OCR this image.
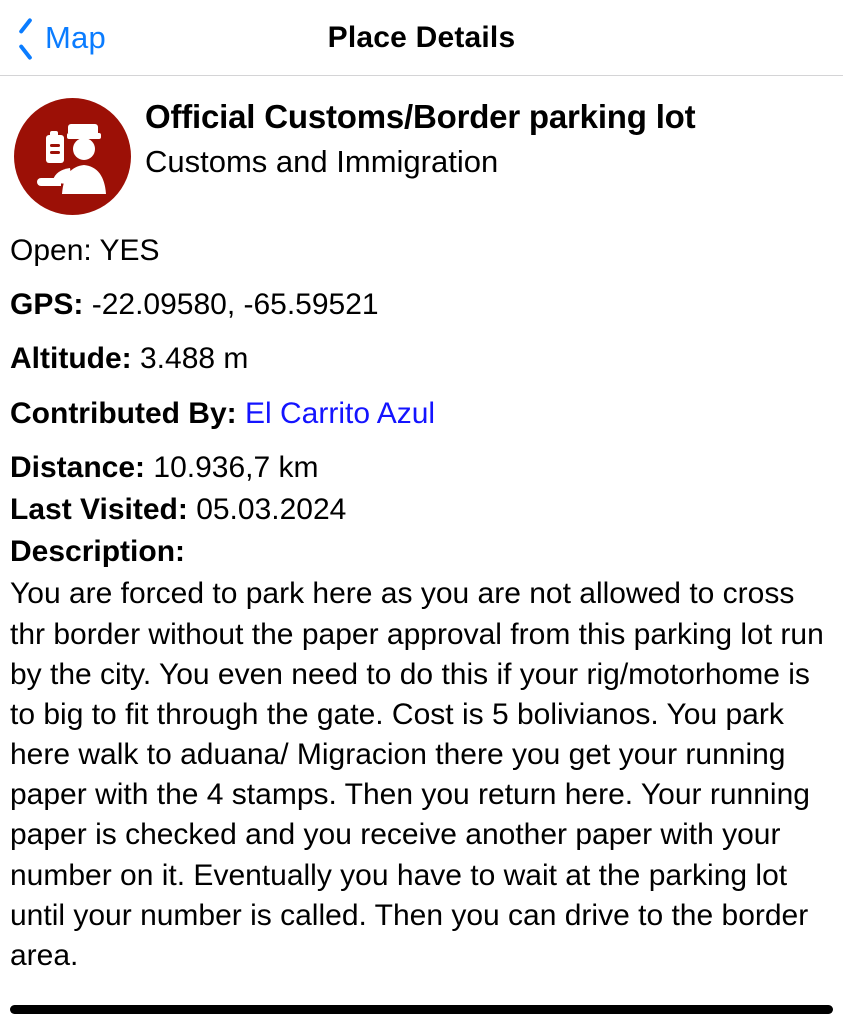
Map	Place Details
Official Customs/Border parking lot
Customs and Immigration
Open: YES
GPS: -22.09580, -65.59521
Altitude: 3.488 m
Contributed By: El Carrito Azul
Distance: 10.936,7 km
Last Visited: 05.03.2024
Description:
You are forced to park here as you are not allowed to cross thr border without the paper approval from this parking lot run by the city. You even need to do this if your rig/motorhome is to big to fit through the gate. Cost is 5 bolivianos. You park here walk to aduana/ Migracion there you get your running paper with the 4 stamps. Then you return here. Your running paper is checked and you receive another paper with your number on it. Eventually you have to wait at the parking lot until your number is called. Then you can drive to the border area.
